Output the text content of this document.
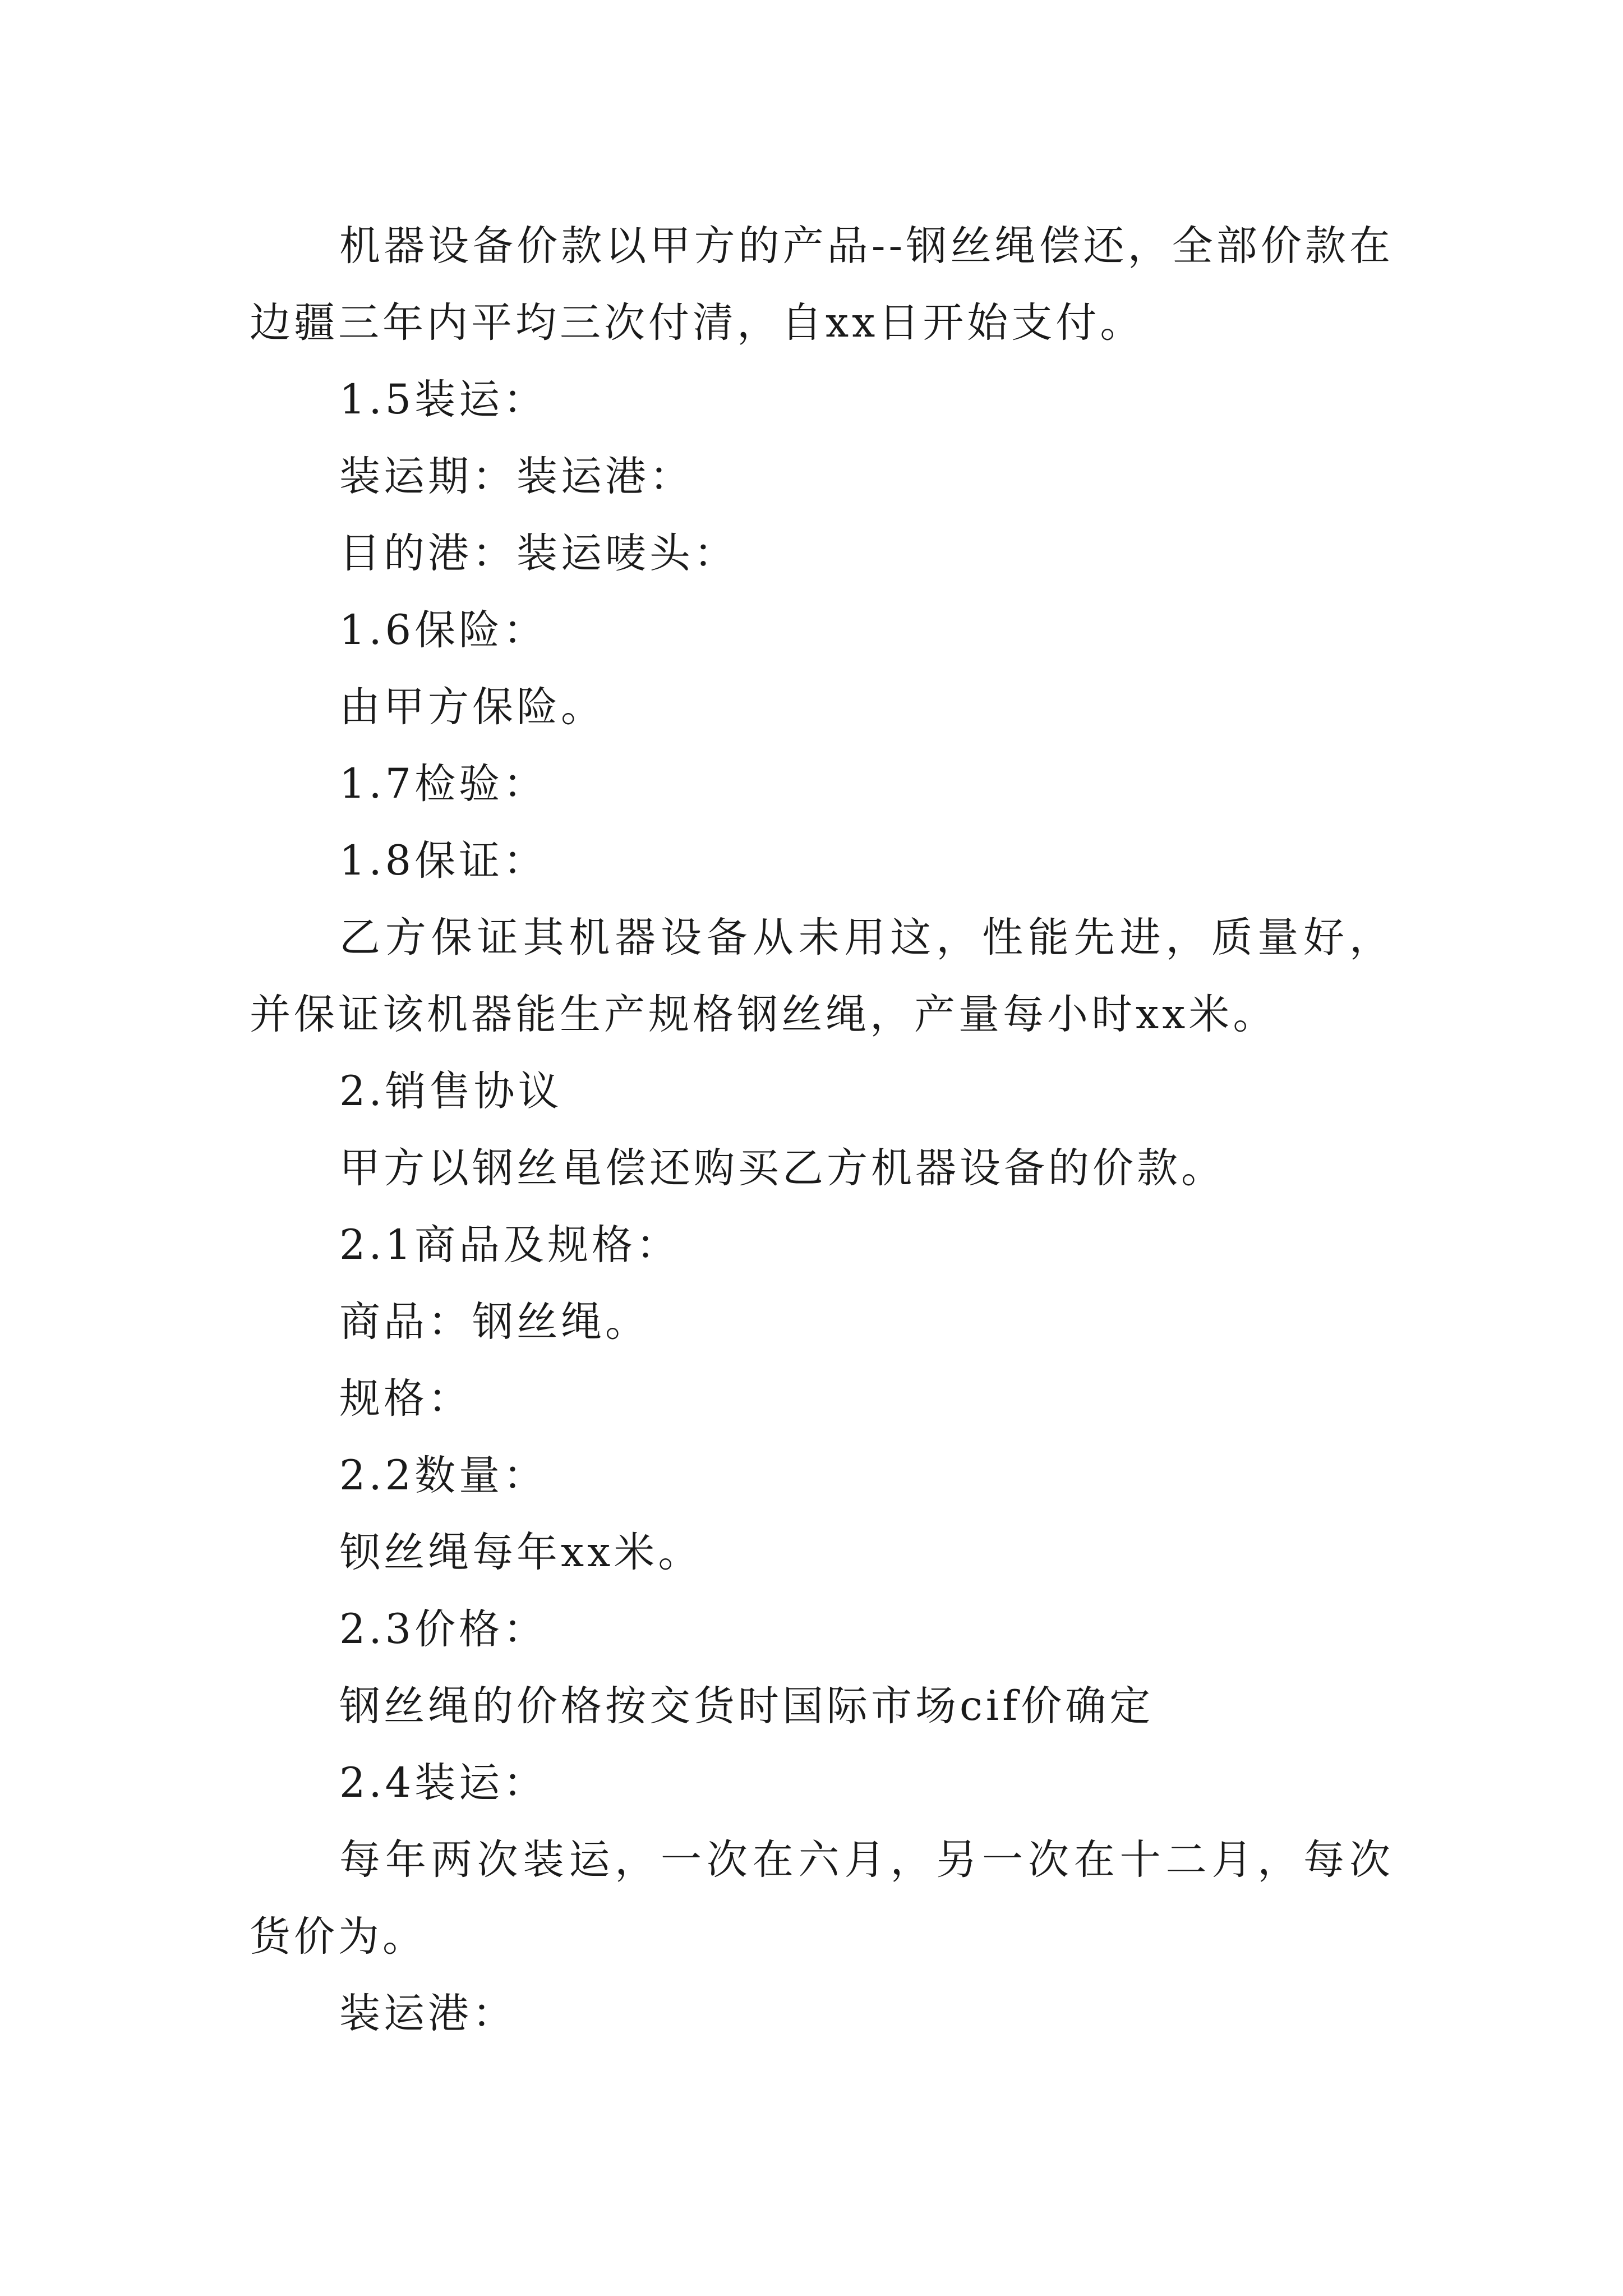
机器设备价款以甲方的产品--钢丝绳偿还，全部价款在边疆三年内平均三次付清，自xx日开始支付。

1.5装运：

装运期：装运港：

目的港：装运唛头：

1.6保险：

由甲方保险。

1.7检验：

1.8保证：

乙方保证其机器设备从未用这，性能先进，质量好，并保证该机器能生产规格钢丝绳，产量每小时xx米。

2.销售协议

甲方以钢丝黾偿还购买乙方机器设备的价款。

2.1商品及规格：

商品：钢丝绳。

规格：

2.2数量：

钡丝绳每年xx米。

2.3价格：

钢丝绳的价格按交货时国际市场cif价确定

2.4装运：

每年两次装运，一次在六月，另一次在十二月，每次货价为。

装运港：
